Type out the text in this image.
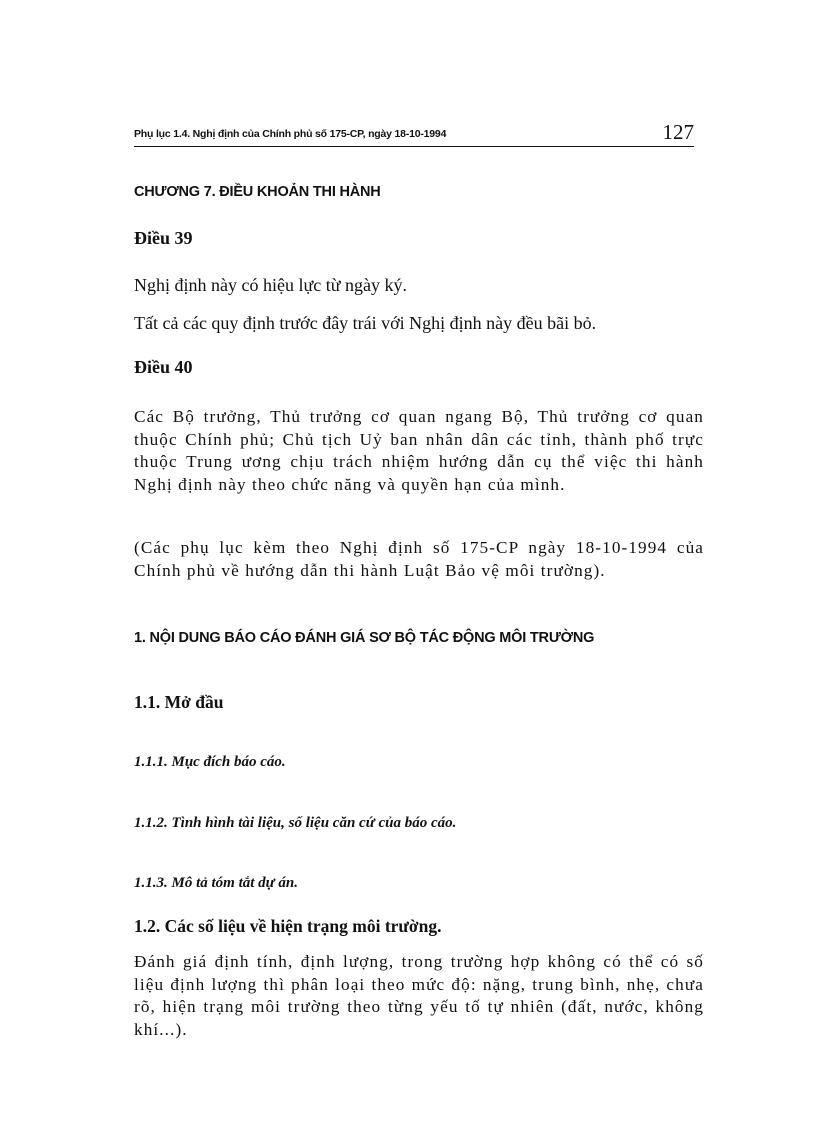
Phụ lục 1.4. Nghị định của Chính phủ số 175-CP, ngày 18-10-1994	127
CHƯƠNG 7. ĐIỀU KHOẢN THI HÀNH
Điều 39
Nghị định này có hiệu lực từ ngày ký.
Tất cả các quy định trước đây trái với Nghị định này đều bãi bỏ.
Điều 40

Các Bộ trưởng, Thủ trưởng cơ quan ngang Bộ, Thủ trưởng cơ quan thuộc Chính phủ; Chủ tịch Uỷ ban nhân dân các tỉnh, thành phố trực thuộc Trung ương chịu trách nhiệm hướng dẫn cụ thể việc thi hành Nghị định này theo chức năng và quyền hạn của mình.

(Các phụ lục kèm theo Nghị định số 175-CP ngày 18-10-1994 của Chính phủ về hướng dẫn thi hành Luật Bảo vệ môi trường).

1. NỘI DUNG BÁO CÁO ĐÁNH GIÁ SƠ BỘ TÁC ĐỘNG MÔI TRƯỜNG
1.1. Mở đầu
1.1.1. Mục đích báo cáo.
1.1.2. Tình hình tài liệu, số liệu căn cứ của báo cáo.
1.1.3. Mô tả tóm tắt dự án.
1.2. Các số liệu về hiện trạng môi trường.

Đánh giá định tính, định lượng, trong trường hợp không có thể có số liệu định lượng thì phân loại theo mức độ: nặng, trung bình, nhẹ, chưa rõ, hiện trạng môi trường theo từng yếu tố tự nhiên (đất, nước, không khí...).
